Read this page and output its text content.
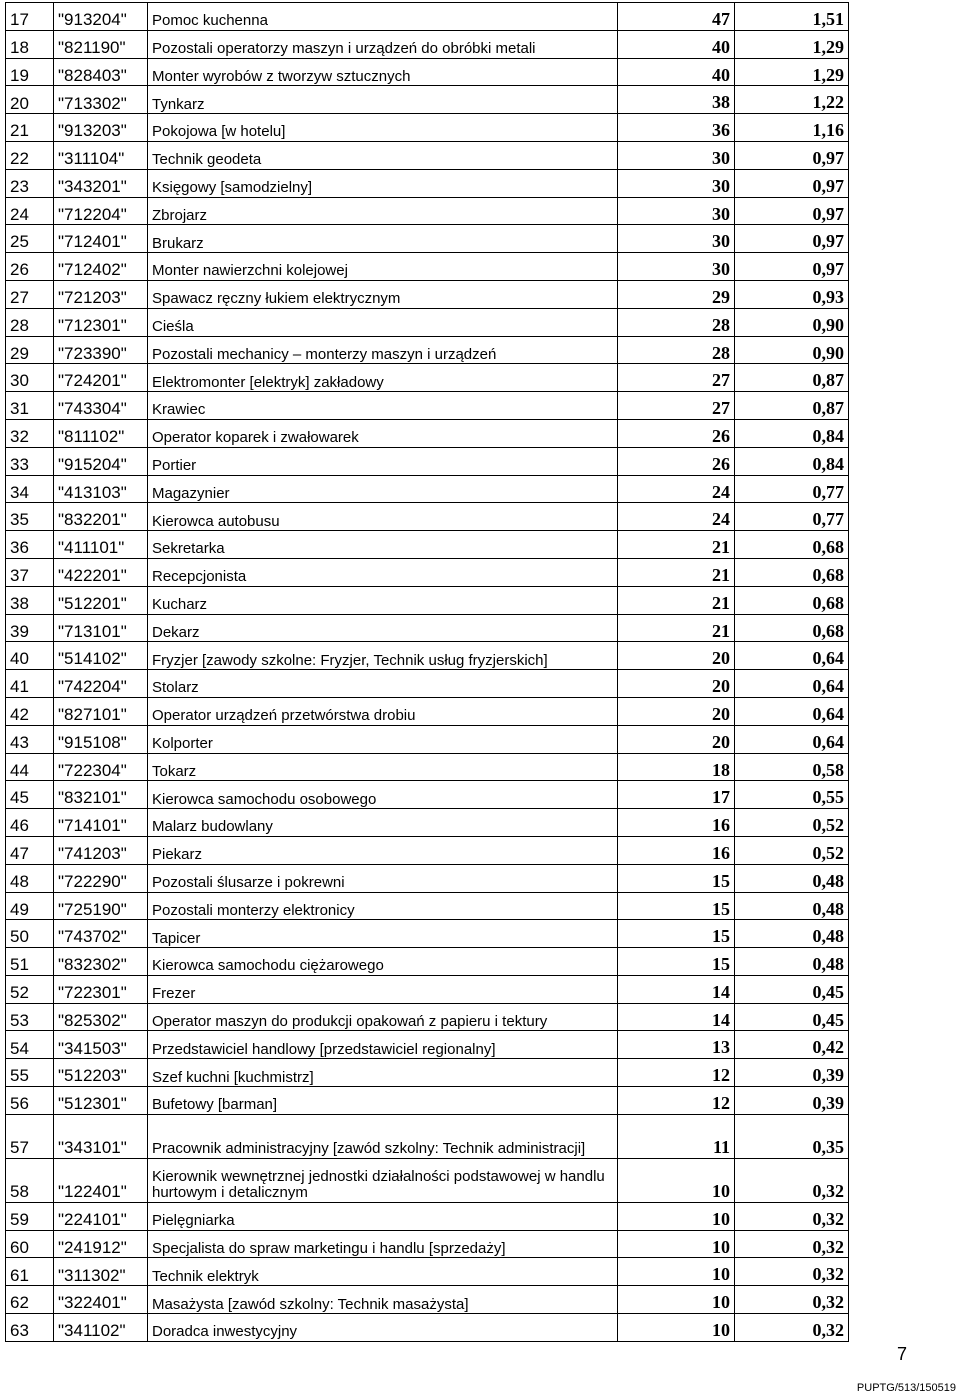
17	"913204"	Pomoc kuchenna	47	1,51
18	"821190"	Pozostali operatorzy maszyn i urządzeń do obróbki metali	40	1,29
19	"828403"	Monter wyrobów z tworzyw sztucznych	40	1,29
20	"713302"	Tynkarz	38	1,22
21	"913203"	Pokojowa [w hotelu]	36	1,16
22	"311104"	Technik geodeta	30	0,97
23	"343201"	Księgowy [samodzielny]	30	0,97
24	"712204"	Zbrojarz	30	0,97
25	"712401"	Brukarz	30	0,97
26	"712402"	Monter nawierzchni kolejowej	30	0,97
27	"721203"	Spawacz ręczny łukiem elektrycznym	29	0,93
28	"712301"	Cieśla	28	0,90
29	"723390"	Pozostali mechanicy – monterzy maszyn i urządzeń	28	0,90
30	"724201"	Elektromonter [elektryk] zakładowy	27	0,87
31	"743304"	Krawiec	27	0,87
32	"811102"	Operator koparek i zwałowarek	26	0,84
33	"915204"	Portier	26	0,84
34	"413103"	Magazynier	24	0,77
35	"832201"	Kierowca autobusu	24	0,77
36	"411101"	Sekretarka	21	0,68
37	"422201"	Recepcjonista	21	0,68
38	"512201"	Kucharz	21	0,68
39	"713101"	Dekarz	21	0,68
40	"514102"	Fryzjer [zawody szkolne: Fryzjer, Technik usług fryzjerskich]	20	0,64
41	"742204"	Stolarz	20	0,64
42	"827101"	Operator urządzeń przetwórstwa drobiu	20	0,64
43	"915108"	Kolporter	20	0,64
44	"722304"	Tokarz	18	0,58
45	"832101"	Kierowca samochodu osobowego	17	0,55
46	"714101"	Malarz budowlany	16	0,52
47	"741203"	Piekarz	16	0,52
48	"722290"	Pozostali ślusarze i pokrewni	15	0,48
49	"725190"	Pozostali monterzy elektronicy	15	0,48
50	"743702"	Tapicer	15	0,48
51	"832302"	Kierowca samochodu ciężarowego	15	0,48
52	"722301"	Frezer	14	0,45
53	"825302"	Operator maszyn do produkcji opakowań z papieru i tektury	14	0,45
54	"341503"	Przedstawiciel handlowy [przedstawiciel regionalny]	13	0,42
55	"512203"	Szef kuchni [kuchmistrz]	12	0,39
56	"512301"	Bufetowy [barman]	12	0,39
57	"343101"	Pracownik administracyjny [zawód szkolny: Technik administracji]	11	0,35
58	"122401"	Kierownik wewnętrznej jednostki działalności podstawowej w handlu hurtowym i detalicznym	10	0,32
59	"224101"	Pielęgniarka	10	0,32
60	"241912"	Specjalista do spraw marketingu i handlu [sprzedaży]	10	0,32
61	"311302"	Technik elektryk	10	0,32
62	"322401"	Masażysta [zawód szkolny: Technik masażysta]	10	0,32
63	"341102"	Doradca inwestycyjny	10	0,32
7
PUPTG/513/150519
